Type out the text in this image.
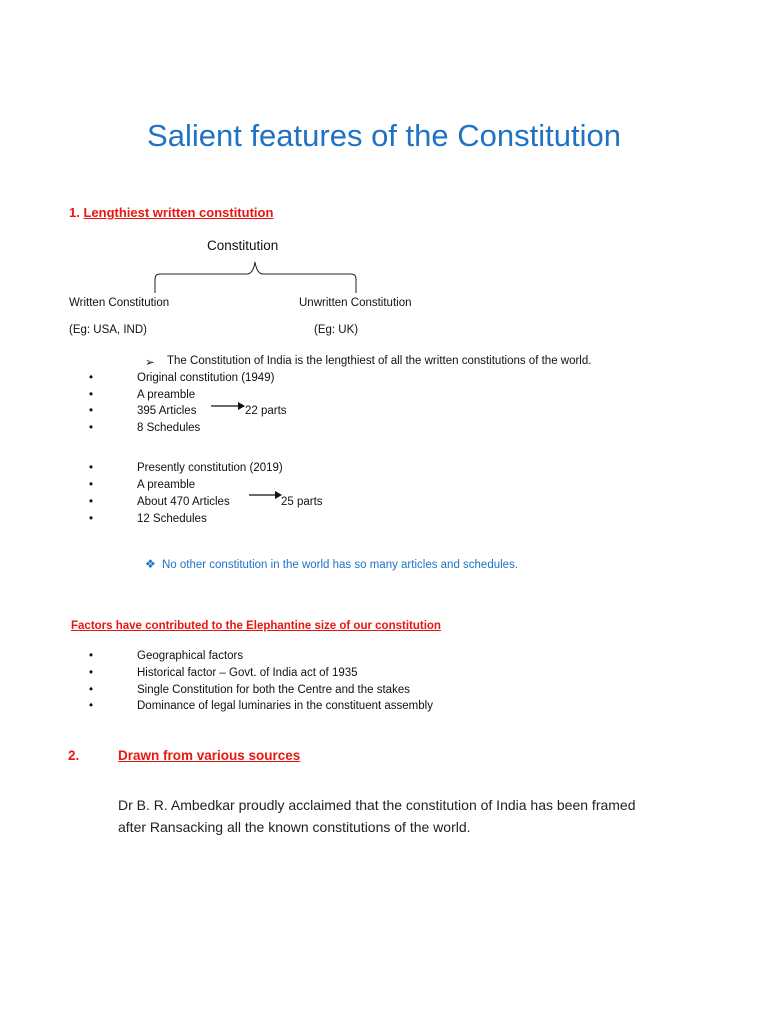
Salient features of the Constitution
1. Lengthiest written constitution
Constitution
Written Constitution	Unwritten Constitution
(Eg: USA, IND)	(Eg: UK)
➢ The Constitution of India is the lengthiest of all the written constitutions of the world.
•	Original constitution (1949)
•	A preamble
•	395 Articles
•	8 Schedules
22 parts
•	Presently constitution (2019)
•	A preamble
•	About 470 Articles
•	12 Schedules
25 parts
❖ No other constitution in the world has so many articles and schedules.
Factors have contributed to the Elephantine size of our constitution
•	Geographical factors
•	Historical factor – Govt. of India act of 1935
•	Single Constitution for both the Centre and the stakes
•	Dominance of legal luminaries in the constituent assembly
2.	Drawn from various sources
Dr B. R. Ambedkar proudly acclaimed that the constitution of India has been framed
after Ransacking all the known constitutions of the world.
